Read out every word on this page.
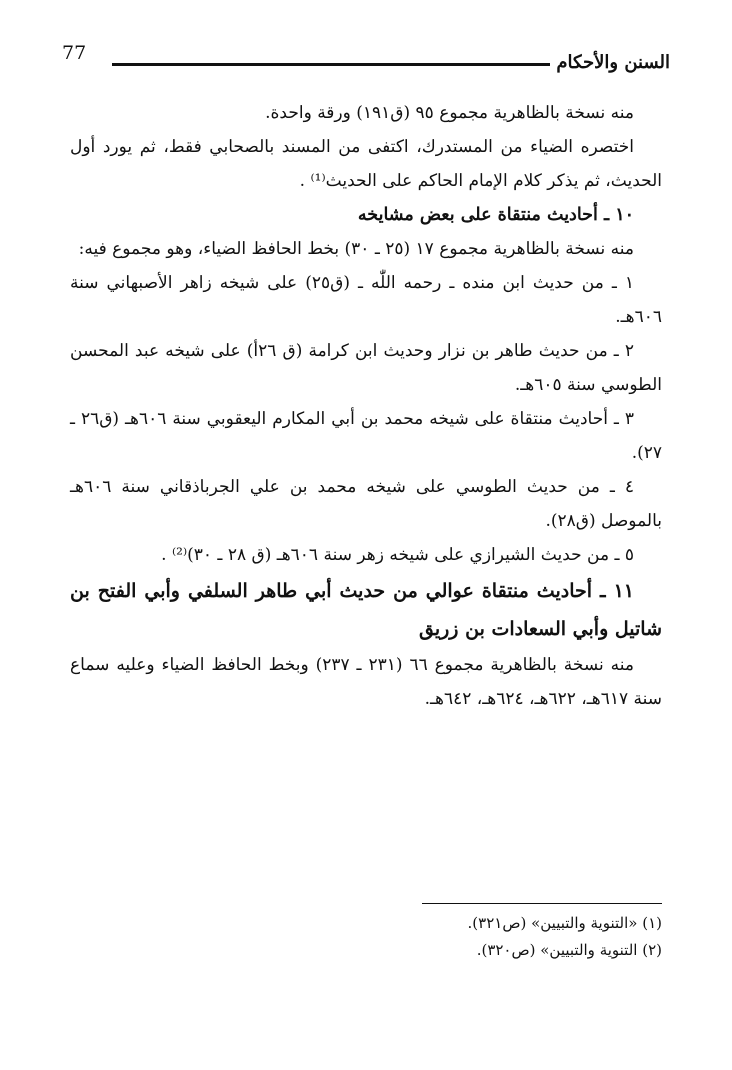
77	السنن والأحكام

منه نسخة بالظاهرية مجموع ٩٥ (ق١٩١) ورقة واحدة.

اختصره الضياء من المستدرك، اكتفى من المسند بالصحابي فقط، ثم يورد أول الحديث، ثم يذكر كلام الإمام الحاكم على الحديث⁽¹⁾ .

١٠ ـ أحاديث منتقاة على بعض مشايخه

منه نسخة بالظاهرية مجموع ١٧ (٢٥ ـ ٣٠) بخط الحافظ الضياء، وهو مجموع فيه:

١ ـ من حديث ابن منده ـ رحمه اللّٰه ـ (ق٢٥) على شيخه زاهر الأصبهاني سنة ٦٠٦هـ.

٢ ـ من حديث طاهر بن نزار وحديث ابن كرامة (ق ٢٦أ) على شيخه عبد المحسن الطوسي سنة ٦٠٥هـ.

٣ ـ أحاديث منتقاة على شيخه محمد بن أبي المكارم اليعقوبي سنة ٦٠٦هـ (ق٢٦ ـ ٢٧).

٤ ـ من حديث الطوسي على شيخه محمد بن علي الجرباذقاني سنة ٦٠٦هـ بالموصل (ق٢٨).

٥ ـ من حديث الشيرازي على شيخه زهر سنة ٦٠٦هـ (ق ٢٨ ـ ٣٠)⁽²⁾ .

١١ ـ أحاديث منتقاة عوالي من حديث أبي طاهر السلفي وأبي الفتح بن شاتيل وأبي السعادات بن زريق

منه نسخة بالظاهرية مجموع ٦٦ (٢٣١ ـ ٢٣٧) وبخط الحافظ الضياء وعليه سماع سنة ٦١٧هـ، ٦٢٢هـ، ٦٢٤هـ، ٦٤٢هـ.

(١) «التنوية والتبيين» (ص٣٢١).

(٢) التنوية والتبيين» (ص٣٢٠).
